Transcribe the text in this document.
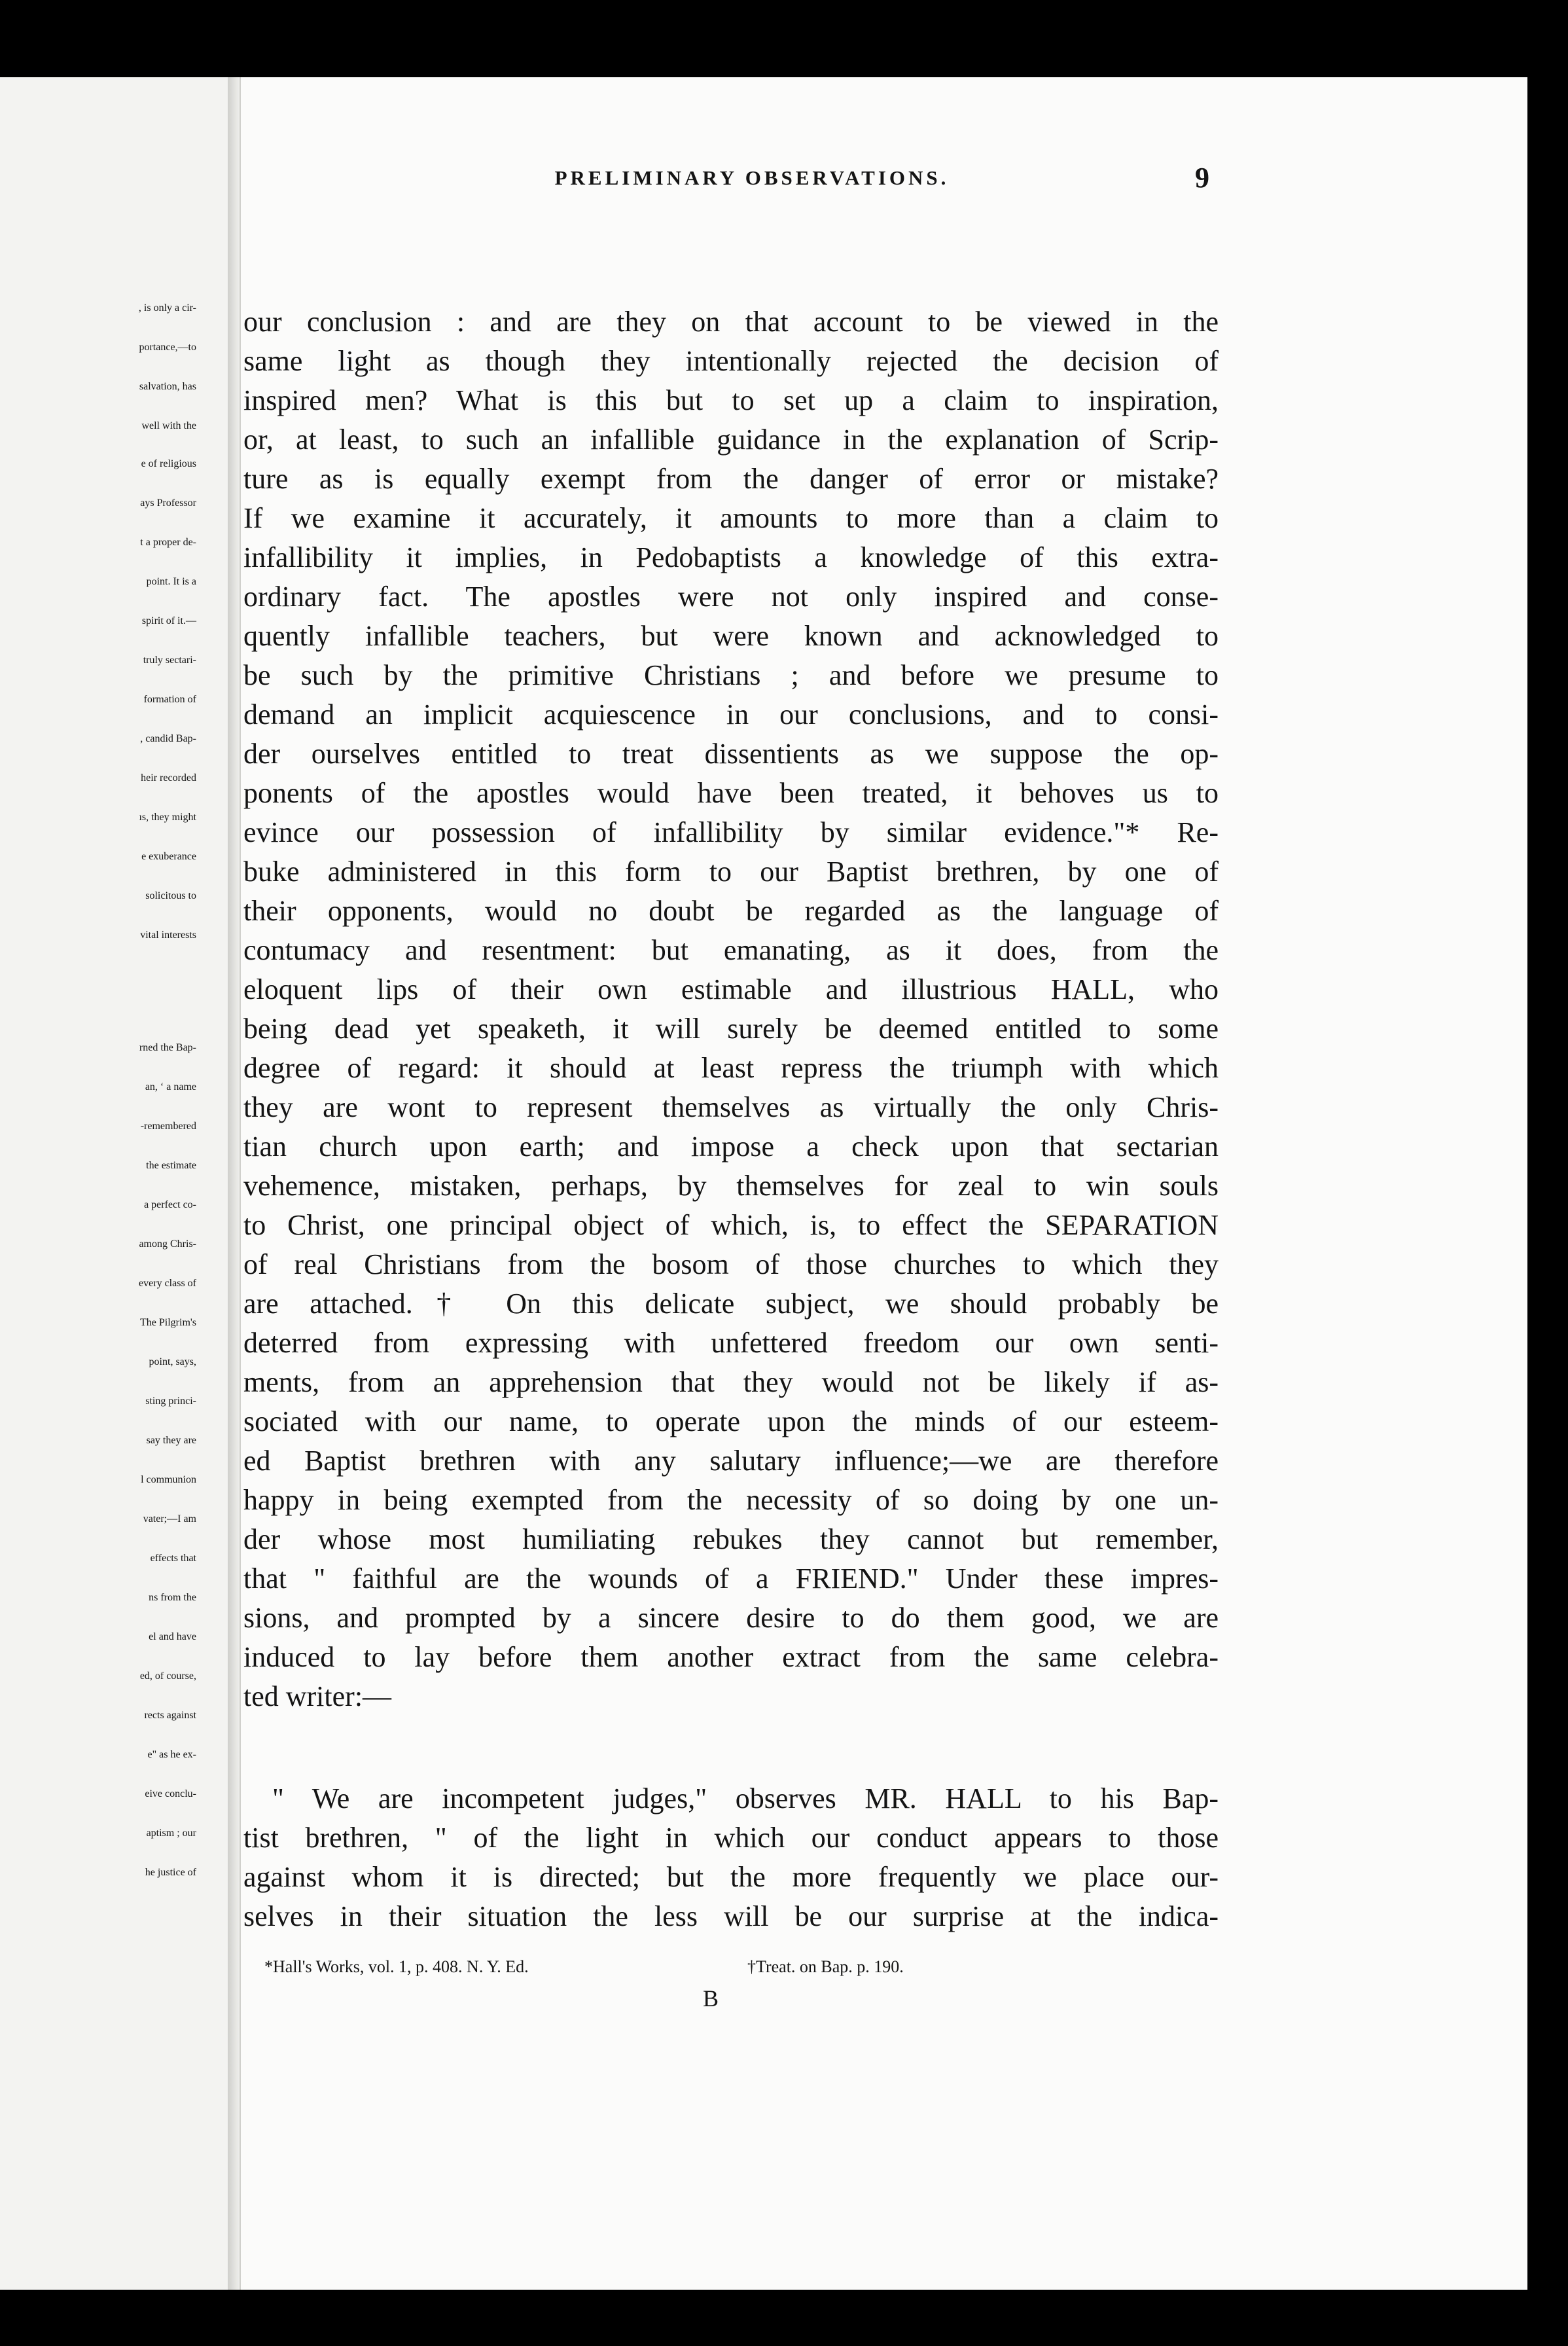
PRELIMINARY OBSERVATIONS.	9
, is only a cir-
portance,—to
salvation, has
well with the
e of religious
ays Professor
t a proper de-
point. It is a
spirit of it.—
truly sectari-
formation of
, candid Bap-
heir recorded
ıs, they might
e exuberance
solicitous to
vital interests
rned the Bap-
an, ‘ a name
-remembered
the estimate
a perfect co-
among Chris-
every class of
The Pilgrim's
point, says,
sting princi-
say they are
l communion
vater;—I am
effects that
ns from the
el and have
ed, of course,
rects against
e" as he ex-
eive conclu-
aptism ; our
he justice of
our conclusion : and are they on that account to be viewed in the
same light as though they intentionally rejected the decision of
inspired men? What is this but to set up a claim to inspiration,
or, at least, to such an infallible guidance in the explanation of Scrip-
ture as is equally exempt from the danger of error or mistake?
If we examine it accurately, it amounts to more than a claim to
infallibility it implies, in Pedobaptists a knowledge of this extra-
ordinary fact. The apostles were not only inspired and conse-
quently infallible teachers, but were known and acknowledged to
be such by the primitive Christians ; and before we presume to
demand an implicit acquiescence in our conclusions, and to consi-
der ourselves entitled to treat dissentients as we suppose the op-
ponents of the apostles would have been treated, it behoves us to
evince our possession of infallibility by similar evidence."* Re-
buke administered in this form to our Baptist brethren, by one of
their opponents, would no doubt be regarded as the language of
contumacy and resentment: but emanating, as it does, from the
eloquent lips of their own estimable and illustrious HALL, who
being dead yet speaketh, it will surely be deemed entitled to some
degree of regard: it should at least repress the triumph with which
they are wont to represent themselves as virtually the only Chris-
tian church upon earth; and impose a check upon that sectarian
vehemence, mistaken, perhaps, by themselves for zeal to win souls
to Christ, one principal object of which, is, to effect the SEPARATION
of real Christians from the bosom of those churches to which they
are attached.† On this delicate subject, we should probably be
deterred from expressing with unfettered freedom our own senti-
ments, from an apprehension that they would not be likely if as-
sociated with our name, to operate upon the minds of our esteem-
ed Baptist brethren with any salutary influence;—we are therefore
happy in being exempted from the necessity of so doing by one un-
der whose most humiliating rebukes they cannot but remember,
that " faithful are the wounds of a FRIEND." Under these impres-
sions, and prompted by a sincere desire to do them good, we are
induced to lay before them another extract from the same celebra-
ted writer:—
" We are incompetent judges," observes MR. HALL to his Bap-
tist brethren, " of the light in which our conduct appears to those
against whom it is directed; but the more frequently we place our-
selves in their situation the less will be our surprise at the indica-
*Hall's Works, vol. 1, p. 408. N. Y. Ed.	†Treat. on Bap. p. 190.
B
